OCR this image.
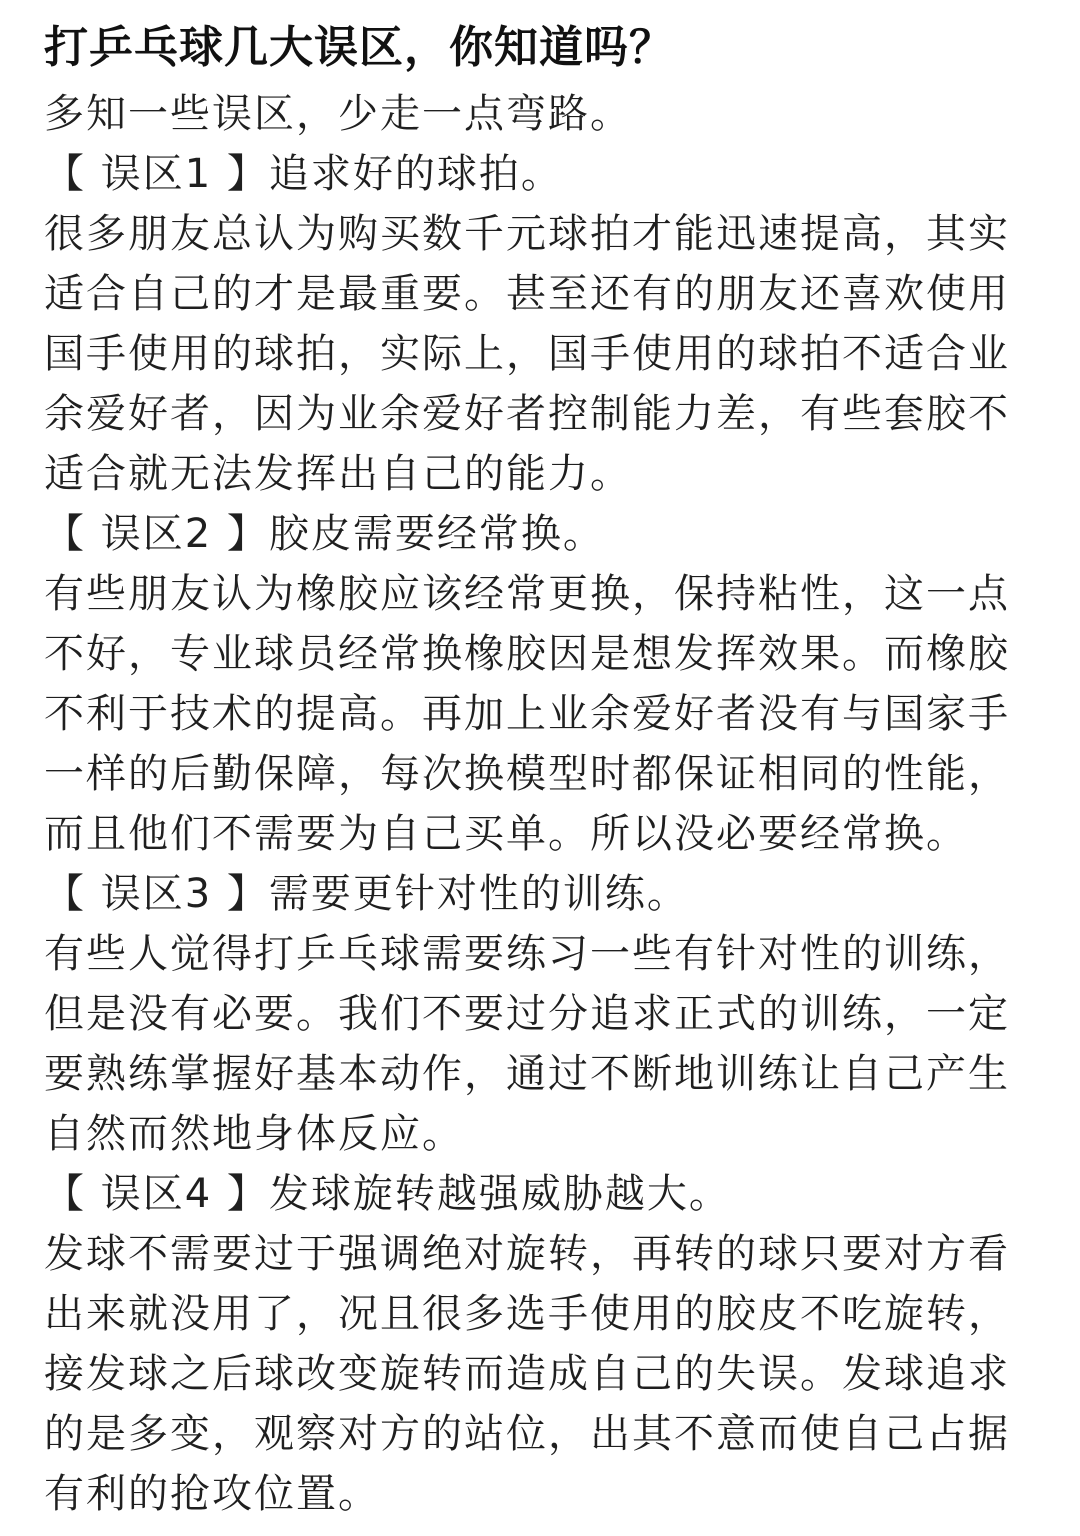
打乒乓球几大误区，你知道吗？

多知一些误区，少走一点弯路。

【 误区1 】追求好的球拍。

很多朋友总认为购买数千元球拍才能迅速提高，其实

适合自己的才是最重要。甚至还有的朋友还喜欢使用

国手使用的球拍，实际上，国手使用的球拍不适合业

余爱好者，因为业余爱好者控制能力差，有些套胶不

适合就无法发挥出自己的能力。

【 误区2 】胶皮需要经常换。

有些朋友认为橡胶应该经常更换，保持粘性，这一点

不好，专业球员经常换橡胶因是想发挥效果。而橡胶

不利于技术的提高。再加上业余爱好者没有与国家手

一样的后勤保障，每次换模型时都保证相同的性能，

而且他们不需要为自己买单。所以没必要经常换。

【 误区3 】需要更针对性的训练。

有些人觉得打乒乓球需要练习一些有针对性的训练，

但是没有必要。我们不要过分追求正式的训练，一定

要熟练掌握好基本动作，通过不断地训练让自己产生

自然而然地身体反应。

【 误区4 】发球旋转越强威胁越大。

发球不需要过于强调绝对旋转，再转的球只要对方看

出来就没用了，况且很多选手使用的胶皮不吃旋转，

接发球之后球改变旋转而造成自己的失误。发球追求

的是多变，观察对方的站位，出其不意而使自己占据

有利的抢攻位置。
